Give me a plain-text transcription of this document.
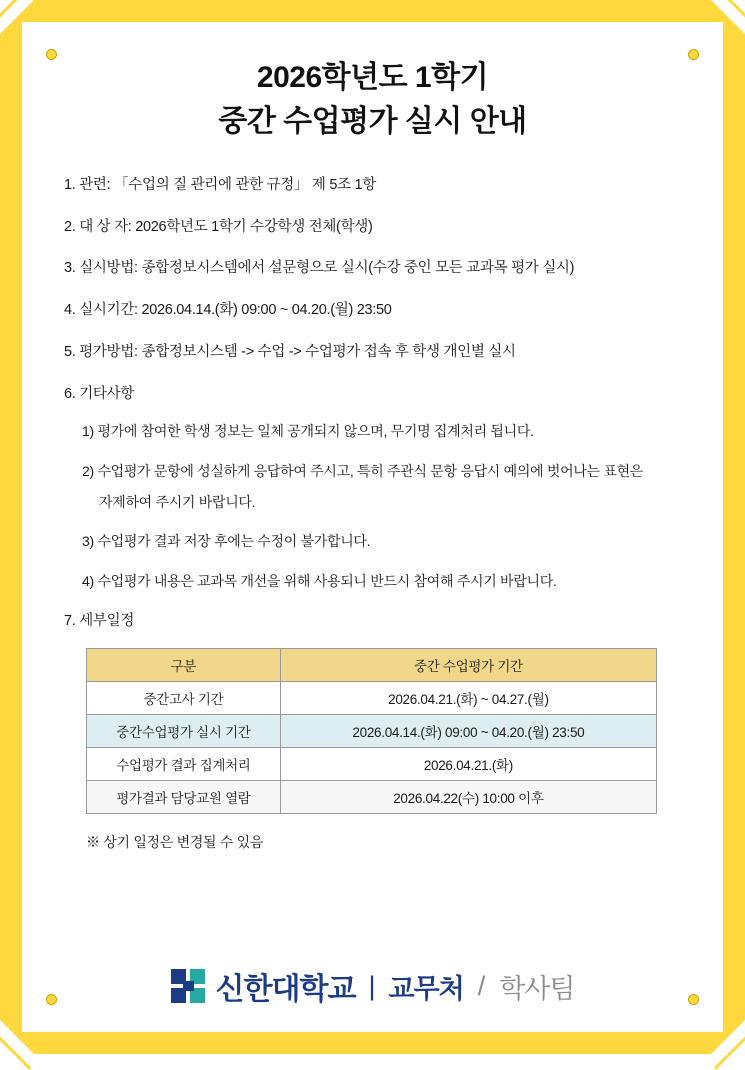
2026학년도 1학기
중간 수업평가 실시 안내
1. 관련: 「수업의 질 관리에 관한 규정」 제 5조 1항
2. 대 상 자: 2026학년도 1학기 수강학생 전체(학생)
3. 실시방법: 종합정보시스템에서 설문형으로 실시(수강 중인 모든 교과목 평가 실시)
4. 실시기간: 2026.04.14.(화) 09:00 ~ 04.20.(월) 23:50
5. 평가방법: 종합정보시스템 -> 수업 -> 수업평가 접속 후 학생 개인별 실시
6. 기타사항
1) 평가에 참여한 학생 정보는 일체 공개되지 않으며, 무기명 집계처리 됩니다.
2) 수업평가 문항에 성실하게 응답하여 주시고, 특히 주관식 문항 응답시 예의에 벗어나는 표현은
자제하여 주시기 바랍니다.
3) 수업평가 결과 저장 후에는 수정이 불가합니다.
4) 수업평가 내용은 교과목 개선을 위해 사용되니 반드시 참여해 주시기 바랍니다.
7. 세부일정
구분	중간 수업평가 기간
중간고사 기간	2026.04.21.(화) ~ 04.27.(월)
중간수업평가 실시 기간	2026.04.14.(화) 09:00 ~ 04.20.(월) 23:50
수업평가 결과 집계처리	2026.04.21.(화)
평가결과 담당교원 열람	2026.04.22(수) 10:00 이후
※ 상기 일정은 변경될 수 있음
신한대학교 | 교무처 / 학사팀
